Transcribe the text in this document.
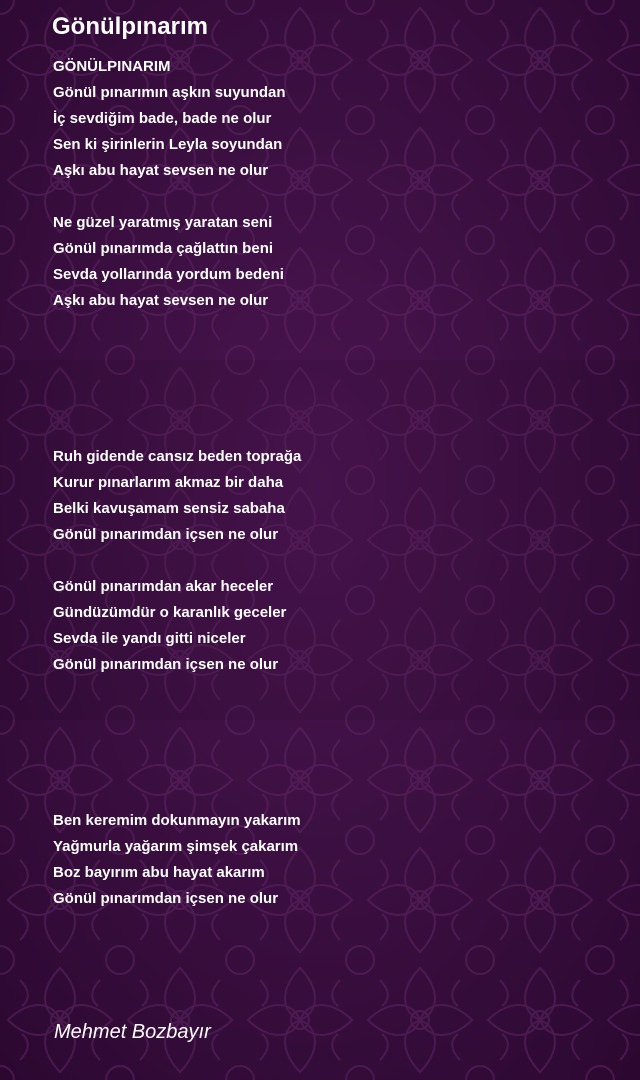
Gönülpınarım
GÖNÜLPINARIM
Gönül pınarımın aşkın suyundan
İç sevdiğim bade, bade ne olur
Sen ki şirinlerin Leyla soyundan
Aşkı abu hayat sevsen ne olur
Ne güzel yaratmış yaratan seni
Gönül pınarımda çağlattın beni
Sevda yollarında yordum bedeni
Aşkı abu hayat sevsen ne olur
Ruh gidende cansız beden toprağa
Kurur pınarlarım akmaz bir daha
Belki kavuşamam sensiz sabaha
Gönül pınarımdan içsen ne olur
Gönül pınarımdan akar heceler
Gündüzümdür o karanlık geceler
Sevda ile yandı gitti niceler
Gönül pınarımdan içsen ne olur
Ben keremim dokunmayın yakarım
Yağmurla yağarım şimşek çakarım
Boz bayırım abu hayat akarım
Gönül pınarımdan içsen ne olur

Mehmet Bozbayır
